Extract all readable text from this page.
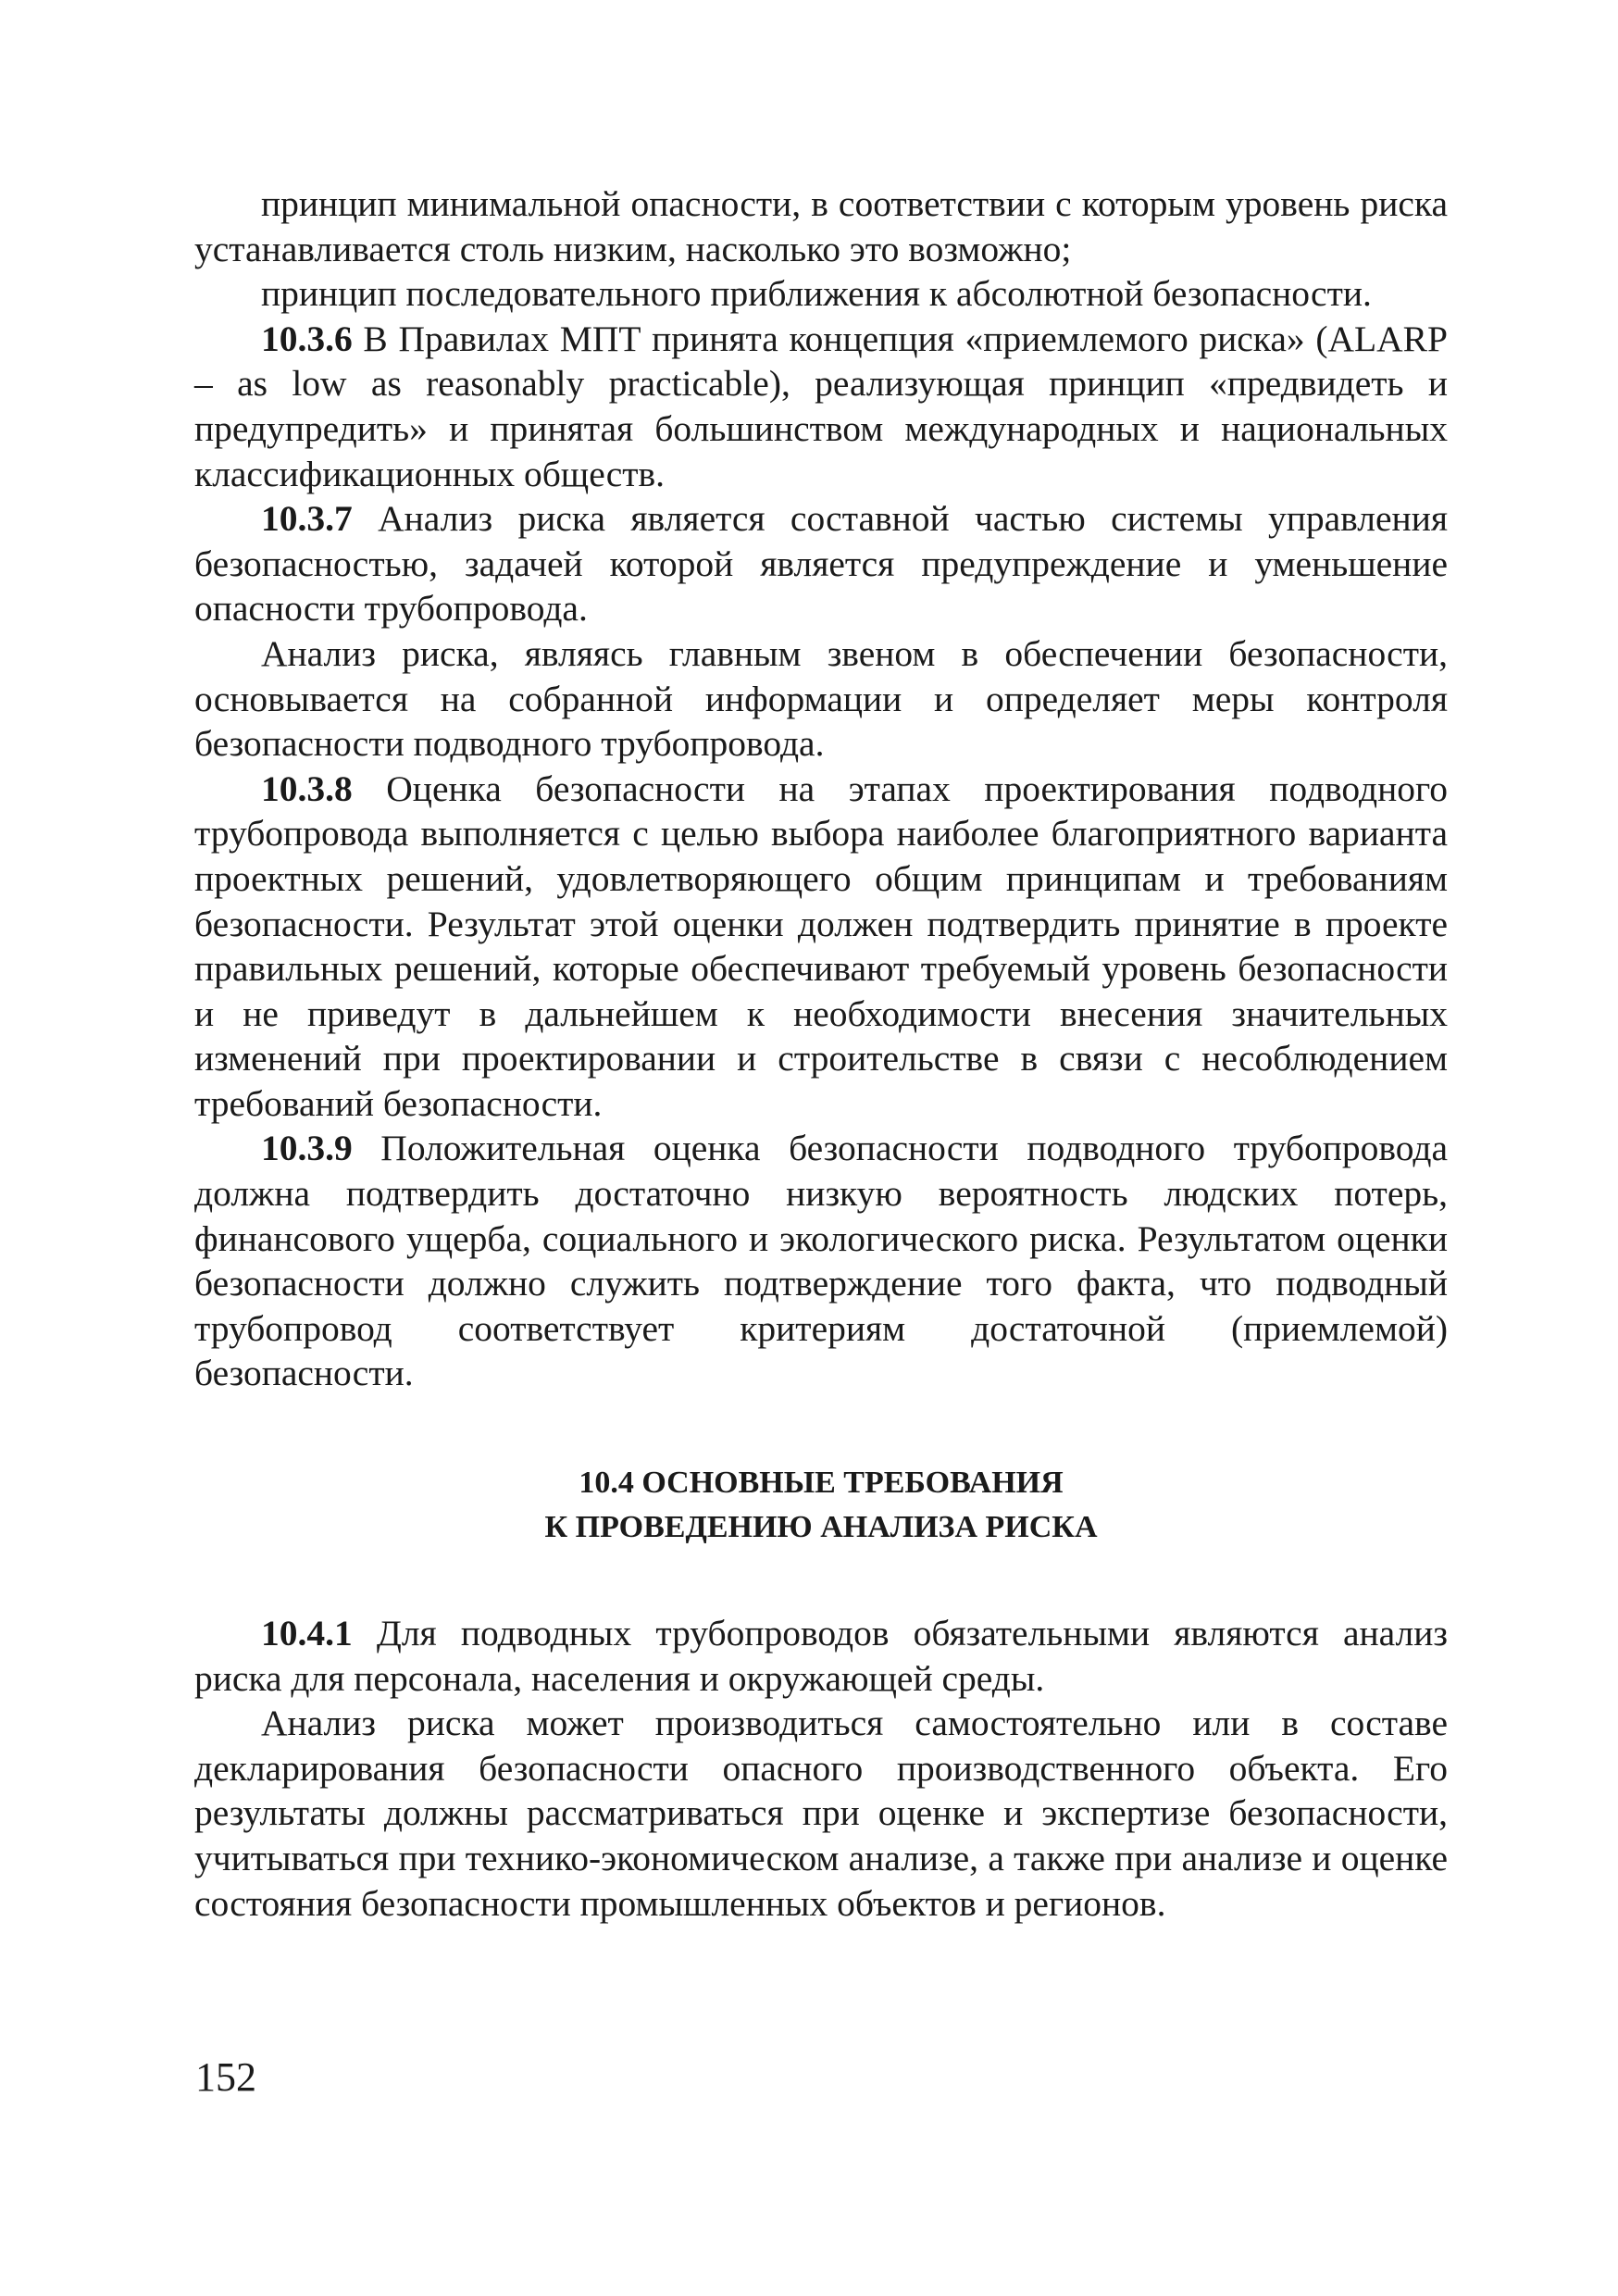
принцип минимальной опасности, в соответствии с которым уровень риска устанавливается столь низким, насколько это возможно;

принцип последовательного приближения к абсолютной безопасности.

10.3.6 В Правилах МПТ принята концепция «приемлемого риска» (ALARP – as low as reasonably practicable), реализующая принцип «предвидеть и предупредить» и принятая большинством международных и национальных классификационных обществ.

10.3.7 Анализ риска является составной частью системы управления безопасностью, задачей которой является предупреждение и уменьшение опасности трубопровода.

Анализ риска, являясь главным звеном в обеспечении безопасности, основывается на собранной информации и определяет меры контроля безопасности подводного трубопровода.

10.3.8 Оценка безопасности на этапах проектирования подводного трубопровода выполняется с целью выбора наиболее благоприятного варианта проектных решений, удовлетворяющего общим принципам и требованиям безопасности. Результат этой оценки должен подтвердить принятие в проекте правильных решений, которые обеспечивают требуемый уровень безопасности и не приведут в дальнейшем к необходимости внесения значительных изменений при проектировании и строительстве в связи с несоблюдением требований безопасности.

10.3.9 Положительная оценка безопасности подводного трубопровода должна подтвердить достаточно низкую вероятность людских потерь, финансового ущерба, социального и экологического риска. Результатом оценки безопасности должно служить подтверждение того факта, что подводный трубопровод соответствует критериям достаточной (приемлемой) безопасности.

10.4 ОСНОВНЫЕ ТРЕБОВАНИЯ
К ПРОВЕДЕНИЮ АНАЛИЗА РИСКА

10.4.1 Для подводных трубопроводов обязательными являются анализ риска для персонала, населения и окружающей среды.

Анализ риска может производиться самостоятельно или в составе декларирования безопасности опасного производственного объекта. Его результаты должны рассматриваться при оценке и экспертизе безопасности, учитываться при технико-экономическом анализе, а также при анализе и оценке состояния безопасности промышленных объектов и регионов.

152
